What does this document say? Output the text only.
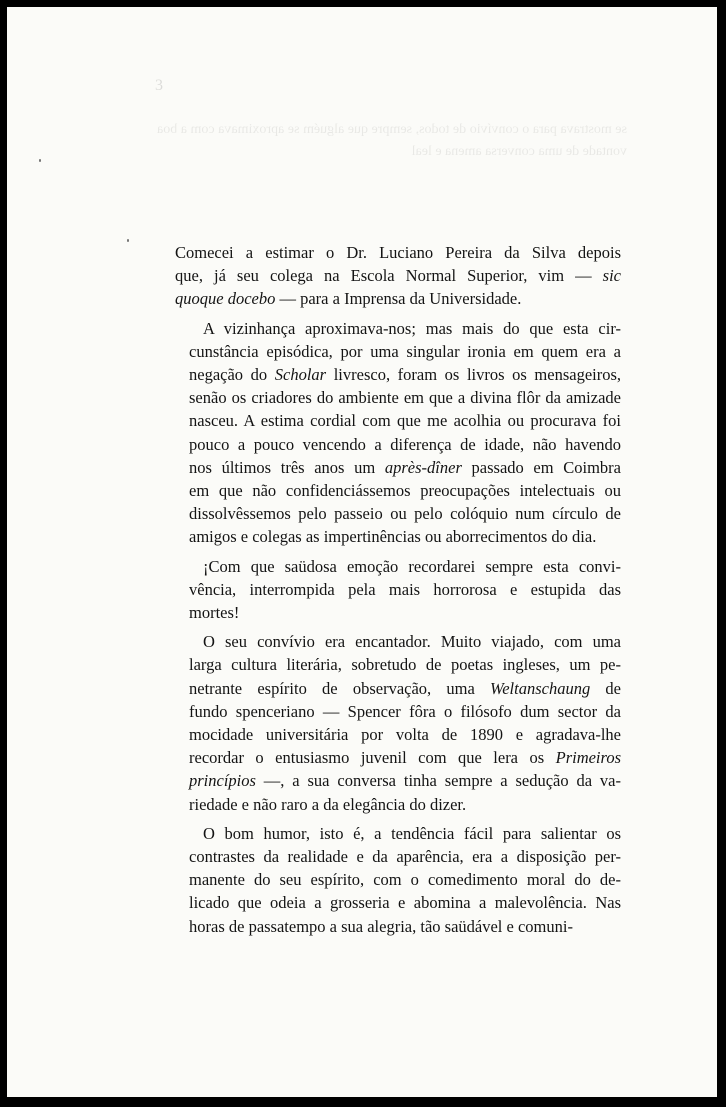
3
se mostrava para o convívio de todos, sempre que alguém se aproximava com a boa vontade de uma conversa amena e leal

Comecei a estimar o Dr. Luciano Pereira da Silva depois
que, já seu colega na Escola Normal Superior, vim — sic
quoque docebo — para a Imprensa da Universidade.

A vizinhança aproximava-nos; mas mais do que esta cir-
cunstância episódica, por uma singular ironia em quem era a
negação do Scholar livresco, foram os livros os mensageiros,
senão os criadores do ambiente em que a divina flôr da amizade
nasceu. A estima cordial com que me acolhia ou procurava foi
pouco a pouco vencendo a diferença de idade, não havendo
nos últimos três anos um après-dîner passado em Coimbra
em que não confidenciássemos preocupações intelectuais ou
dissolvêssemos pelo passeio ou pelo colóquio num círculo de
amigos e colegas as impertinências ou aborrecimentos do dia.

¡Com que saüdosa emoção recordarei sempre esta convi-
vência, interrompida pela mais horrorosa e estupida das
mortes!

O seu convívio era encantador. Muito viajado, com uma
larga cultura literária, sobretudo de poetas ingleses, um pe-
netrante espírito de observação, uma Weltanschaung de
fundo spenceriano — Spencer fôra o filósofo dum sector da
mocidade universitária por volta de 1890 e agradava-lhe
recordar o entusiasmo juvenil com que lera os Primeiros
princípios —, a sua conversa tinha sempre a sedução da va-
riedade e não raro a da elegância do dizer.

O bom humor, isto é, a tendência fácil para salientar os
contrastes da realidade e da aparência, era a disposição per-
manente do seu espírito, com o comedimento moral do de-
licado que odeia a grosseria e abomina a malevolência. Nas
horas de passatempo a sua alegria, tão saüdável e comuni-
